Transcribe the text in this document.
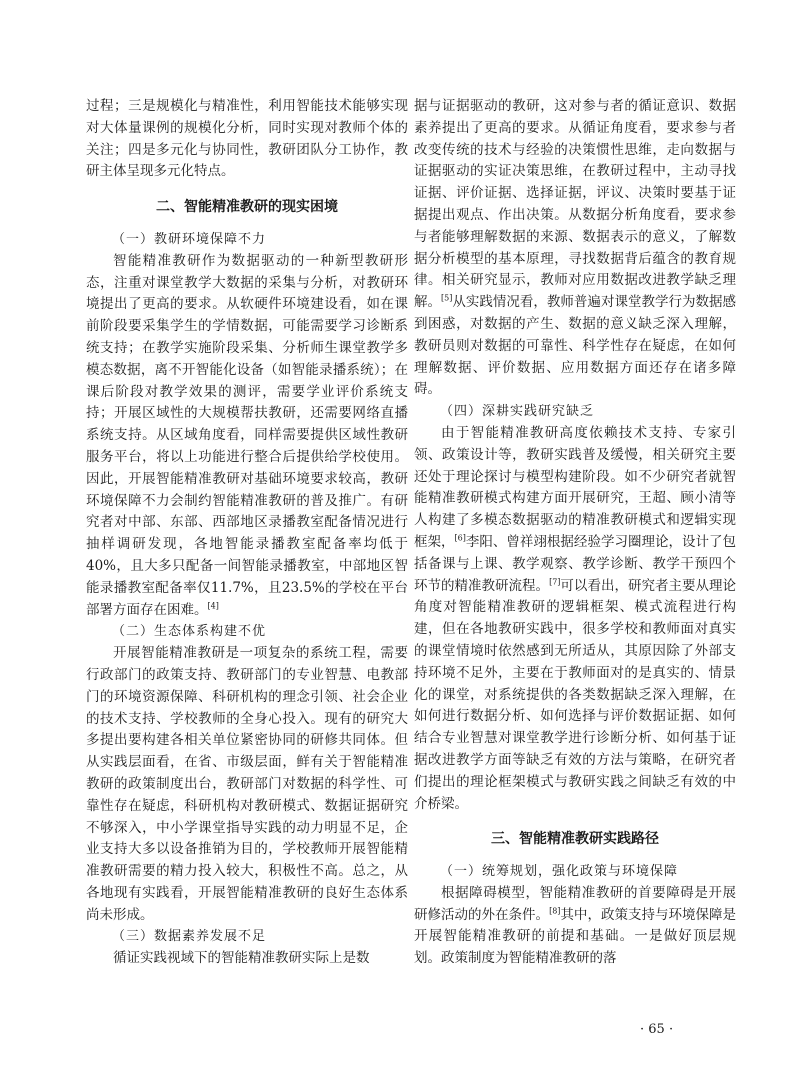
过程；三是规模化与精准性，利用智能技术能够实现对大体量课例的规模化分析，同时实现对教师个体的关注；四是多元化与协同性，教研团队分工协作，教研主体呈现多元化特点。

二、智能精准教研的现实困境
（一）教研环境保障不力

智能精准教研作为数据驱动的一种新型教研形态，注重对课堂教学大数据的采集与分析，对教研环境提出了更高的要求。从软硬件环境建设看，如在课前阶段要采集学生的学情数据，可能需要学习诊断系统支持；在教学实施阶段采集、分析师生课堂教学多模态数据，离不开智能化设备（如智能录播系统）；在课后阶段对教学效果的测评，需要学业评价系统支持；开展区域性的大规模帮扶教研，还需要网络直播系统支持。从区域角度看，同样需要提供区域性教研服务平台，将以上功能进行整合后提供给学校使用。因此，开展智能精准教研对基础环境要求较高，教研环境保障不力会制约智能精准教研的普及推广。有研究者对中部、东部、西部地区录播教室配备情况进行抽样调研发现，各地智能录播教室配备率均低于40%，且大多只配备一间智能录播教室，中部地区智能录播教室配备率仅11.7%，且23.5%的学校在平台部署方面存在困难。[4]

（二）生态体系构建不优

开展智能精准教研是一项复杂的系统工程，需要行政部门的政策支持、教研部门的专业智慧、电教部门的环境资源保障、科研机构的理念引领、社会企业的技术支持、学校教师的全身心投入。现有的研究大多提出要构建各相关单位紧密协同的研修共同体。但从实践层面看，在省、市级层面，鲜有关于智能精准教研的政策制度出台，教研部门对数据的科学性、可靠性存在疑虑，科研机构对教研模式、数据证据研究不够深入，中小学课堂指导实践的动力明显不足，企业支持大多以设备推销为目的，学校教师开展智能精准教研需要的精力投入较大，积极性不高。总之，从各地现有实践看，开展智能精准教研的良好生态体系尚未形成。

（三）数据素养发展不足

循证实践视域下的智能精准教研实际上是数

据与证据驱动的教研，这对参与者的循证意识、数据素养提出了更高的要求。从循证角度看，要求参与者改变传统的技术与经验的决策惯性思维，走向数据与证据驱动的实证决策思维，在教研过程中，主动寻找证据、评价证据、选择证据，评议、决策时要基于证据提出观点、作出决策。从数据分析角度看，要求参与者能够理解数据的来源、数据表示的意义，了解数据分析模型的基本原理，寻找数据背后蕴含的教育规律。相关研究显示，教师对应用数据改进教学缺乏理解。[5]从实践情况看，教师普遍对课堂教学行为数据感到困惑，对数据的产生、数据的意义缺乏深入理解，教研员则对数据的可靠性、科学性存在疑虑，在如何理解数据、评价数据、应用数据方面还存在诸多障碍。

（四）深耕实践研究缺乏

由于智能精准教研高度依赖技术支持、专家引领、政策设计等，教研实践普及缓慢，相关研究主要还处于理论探讨与模型构建阶段。如不少研究者就智能精准教研模式构建方面开展研究，王超、顾小清等人构建了多模态数据驱动的精准教研模式和逻辑实现框架，[6]李阳、曾祥翊根据经验学习圈理论，设计了包括备课与上课、教学观察、教学诊断、教学干预四个环节的精准教研流程。[7]可以看出，研究者主要从理论角度对智能精准教研的逻辑框架、模式流程进行构建，但在各地教研实践中，很多学校和教师面对真实的课堂情境时依然感到无所适从，其原因除了外部支持环境不足外，主要在于教师面对的是真实的、情景化的课堂，对系统提供的各类数据缺乏深入理解，在如何进行数据分析、如何选择与评价数据证据、如何结合专业智慧对课堂教学进行诊断分析、如何基于证据改进教学方面等缺乏有效的方法与策略，在研究者们提出的理论框架模式与教研实践之间缺乏有效的中介桥梁。

三、智能精准教研实践路径
（一）统筹规划，强化政策与环境保障

根据障碍模型，智能精准教研的首要障碍是开展研修活动的外在条件。[8]其中，政策支持与环境保障是开展智能精准教研的前提和基础。一是做好顶层规划。政策制度为智能精准教研的落

· 65 ·
